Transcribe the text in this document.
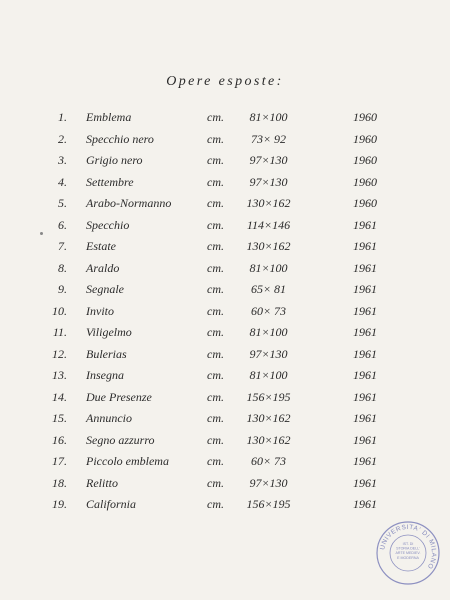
Opere esposte:
1. Emblema	cm. 81×100	1960
2. Specchio nero	cm.	73× 92	1960
3. Grigio nero	cm. 97×130	1960
4. Settembre	cm. 97×130	1960
5. Arabo-Normanno	cm. 130×162	1960
6. Specchio	cm. 114×146	1961
7. Estate	cm. 130×162	1961
8. Araldo	cm. 81×100	1961
9. Segnale	cm.	65× 81	1961
10. Invito	cm.	60× 73	1961
11. Viligelmo	cm. 81×100	1961
12. Bulerias	cm. 97×130	1961
13. Insegna	cm. 81×100	1961
14. Due Presenze	cm. 156×195	1961
15. Annuncio	cm. 130×162	1961
16. Segno azzurro	cm. 130×162	1961
17. Piccolo emblema	cm.	60× 73	1961
18. Relitto	cm. 97×130	1961
19. California	cm. 156×195	1961
UNIVERSITA' DI MILANO
IST. DI
STORIA DELL'
ARTE MEDIEV.
E MODERNA
